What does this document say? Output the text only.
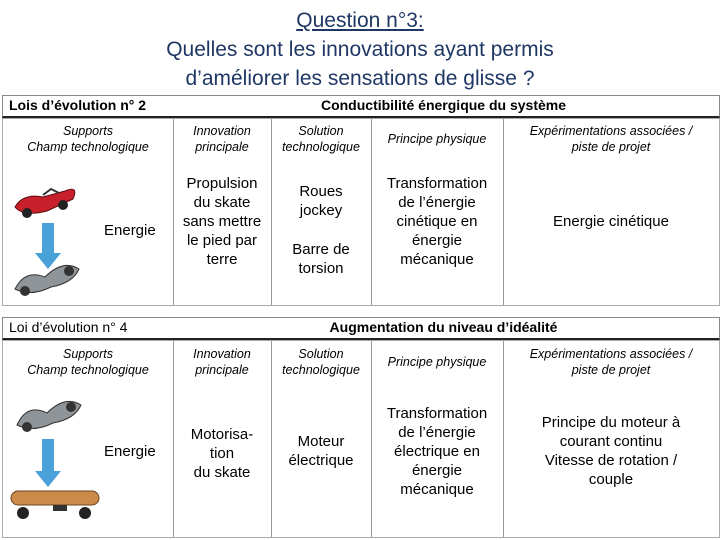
Question n°3:
Quelles sont les innovations ayant permis
d’améliorer les sensations de glisse ?
Lois d’évolution n° 2	Conductibilité énergique du système
Supports
Champ technologique
Innovation
principale
Solution
technologique
Principe physique
Expérimentations associées /
piste de projet
Energie
Propulsion
du skate
sans mettre
le pied par
terre
Roues
jockey
Barre de
torsion
Transformation
de l’énergie
cinétique en
énergie
mécanique
Energie cinétique
Loi d’évolution n° 4	Augmentation du niveau d’idéalité
Supports
Champ technologique
Innovation
principale
Solution
technologique
Principe physique
Expérimentations associées /
piste de projet
Energie
Motorisa-
tion
du skate
Moteur
électrique
Transformation
de l’énergie
électrique en
énergie
mécanique
Principe du moteur à
courant continu
Vitesse de rotation /
couple
